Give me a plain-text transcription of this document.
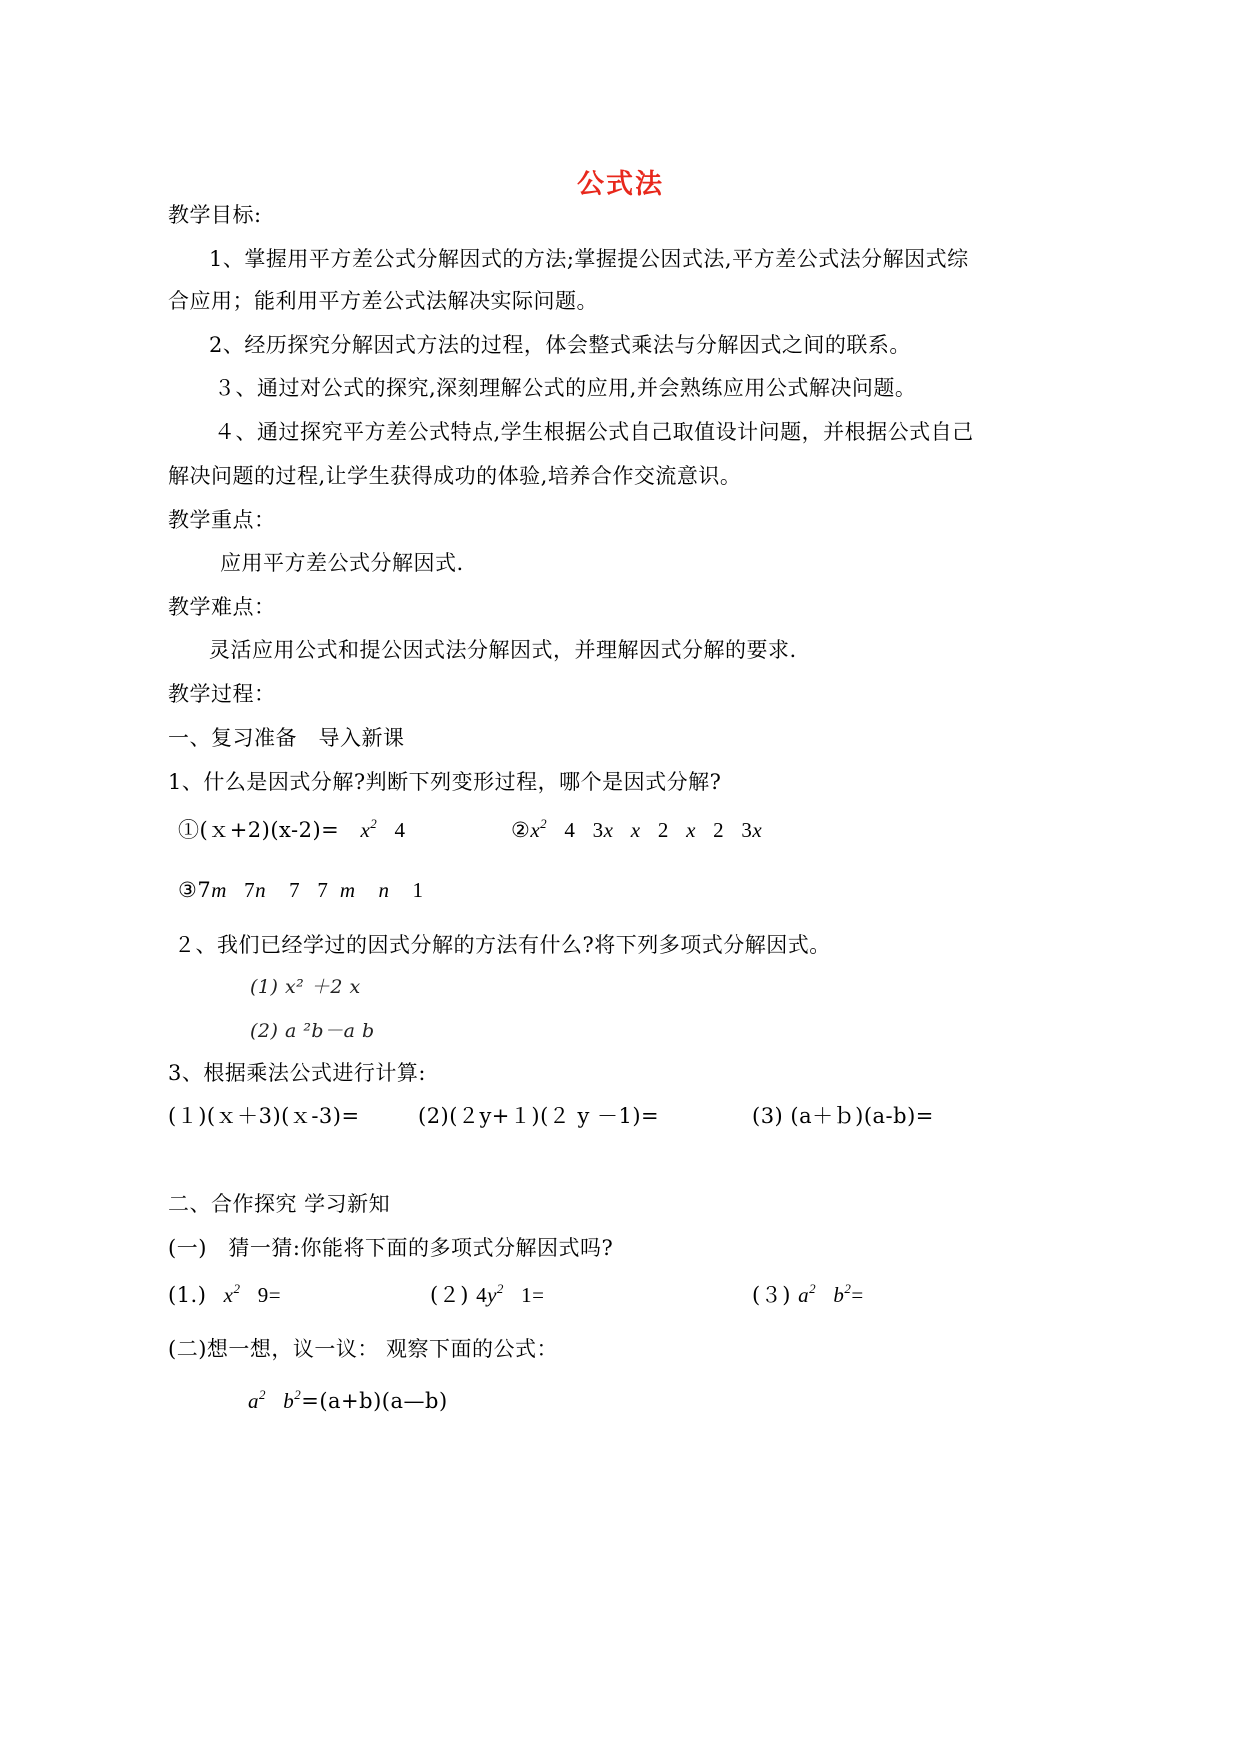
公式法
教学目标:
1、掌握用平方差公式分解因式的方法;掌握提公因式法,平方差公式法分解因式综
合应用；能利用平方差公式法解决实际问题。
2、经历探究分解因式方法的过程，体会整式乘法与分解因式之间的联系。
３、通过对公式的探究,深刻理解公式的应用,并会熟练应用公式解决问题。
４、通过探究平方差公式特点,学生根据公式自己取值设计问题，并根据公式自己
解决问题的过程,让学生获得成功的体验,培养合作交流意识。
教学重点：
应用平方差公式分解因式.
教学难点：
灵活应用公式和提公因式法分解因式，并理解因式分解的要求.
教学过程：
一、复习准备　导入新课
1、什么是因式分解?判断下列变形过程，哪个是因式分解?
①(ｘ+2)(x-2)= $x^2$ 4	$②x^2$ 4 3x   x   2   x   2 3x
③7m   7n    7 7  m    n    1
２、我们已经学过的因式分解的方法有什么?将下列多项式分解因式。
(1) x² ＋2 x
(2) a ²b－a b
3、根据乘法公式进行计算:
(１)(ｘ＋3)(ｘ-3)=	(2)(２y+１)(２ y －1)=	(3) (a＋ｂ)(a-b)=
二、合作探究 学习新知
(一)　猜一猜:你能将下面的多项式分解因式吗?
(1.) $x^2$ 9=	(２) $4y^2$ 1=	(３) $a^2$   $b^2=$
(二)想一想，议一议： 观察下面的公式：
$a^2$   $b^2=(a+b)(a—b)$
